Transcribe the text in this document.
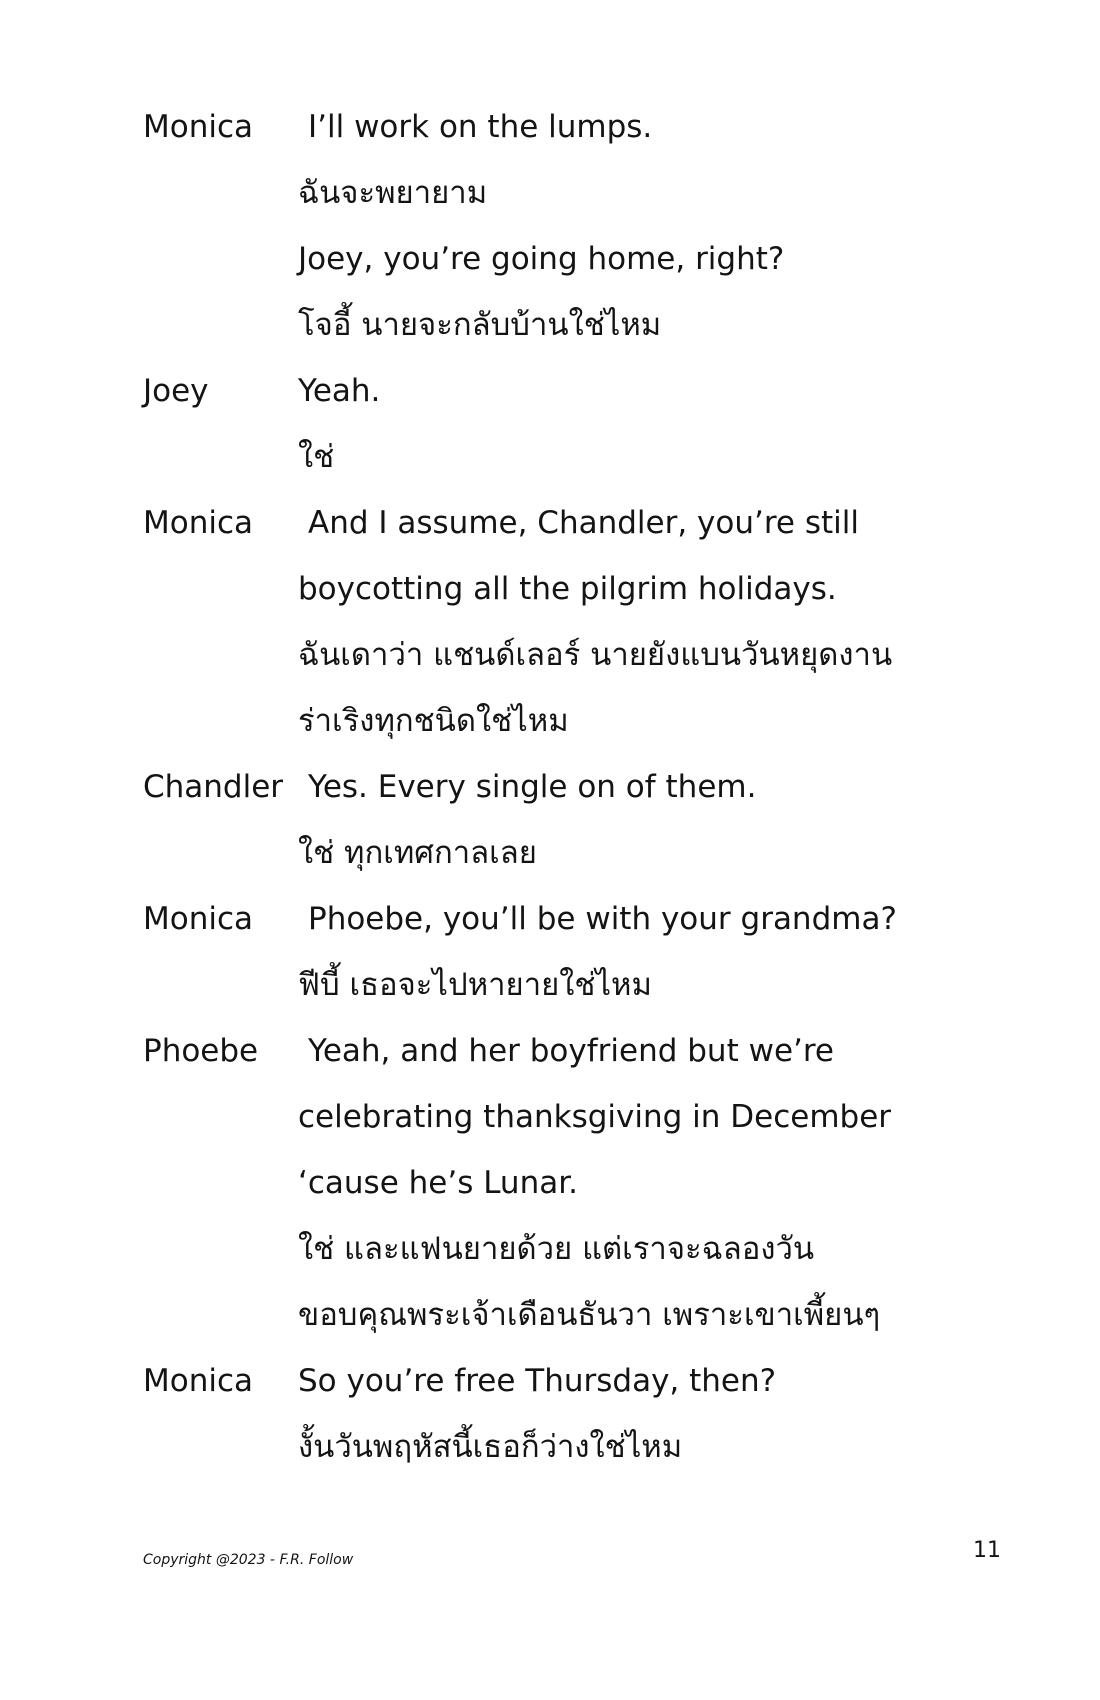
Monica	I’ll work on the lumps.
ฉันจะพยายาม
Joey, you’re going home, right?
โจอี้ นายจะกลับบ้านใช่ไหม
Joey	Yeah.
ใช่
Monica	And I assume, Chandler, you’re still
boycotting all the pilgrim holidays.
ฉันเดาว่า แชนด์เลอร์ นายยังแบนวันหยุดงาน
ร่าเริงทุกชนิดใช่ไหม
Chandler Yes. Every single on of them.
ใช่ ทุกเทศกาลเลย
Monica	Phoebe, you’ll be with your grandma?
ฟีบี้ เธอจะไปหายายใช่ไหม
Phoebe	Yeah, and her boyfriend but we’re
celebrating thanksgiving in December
‘cause he’s Lunar.
ใช่ และแฟนยายด้วย แต่เราจะฉลองวัน
ขอบคุณพระเจ้าเดือนธันวา เพราะเขาเพี้ยนๆ
Monica	So you’re free Thursday, then?
งั้นวันพฤหัสนี้เธอก็ว่างใช่ไหม
Copyright @2023 - F.R. Follow	11
